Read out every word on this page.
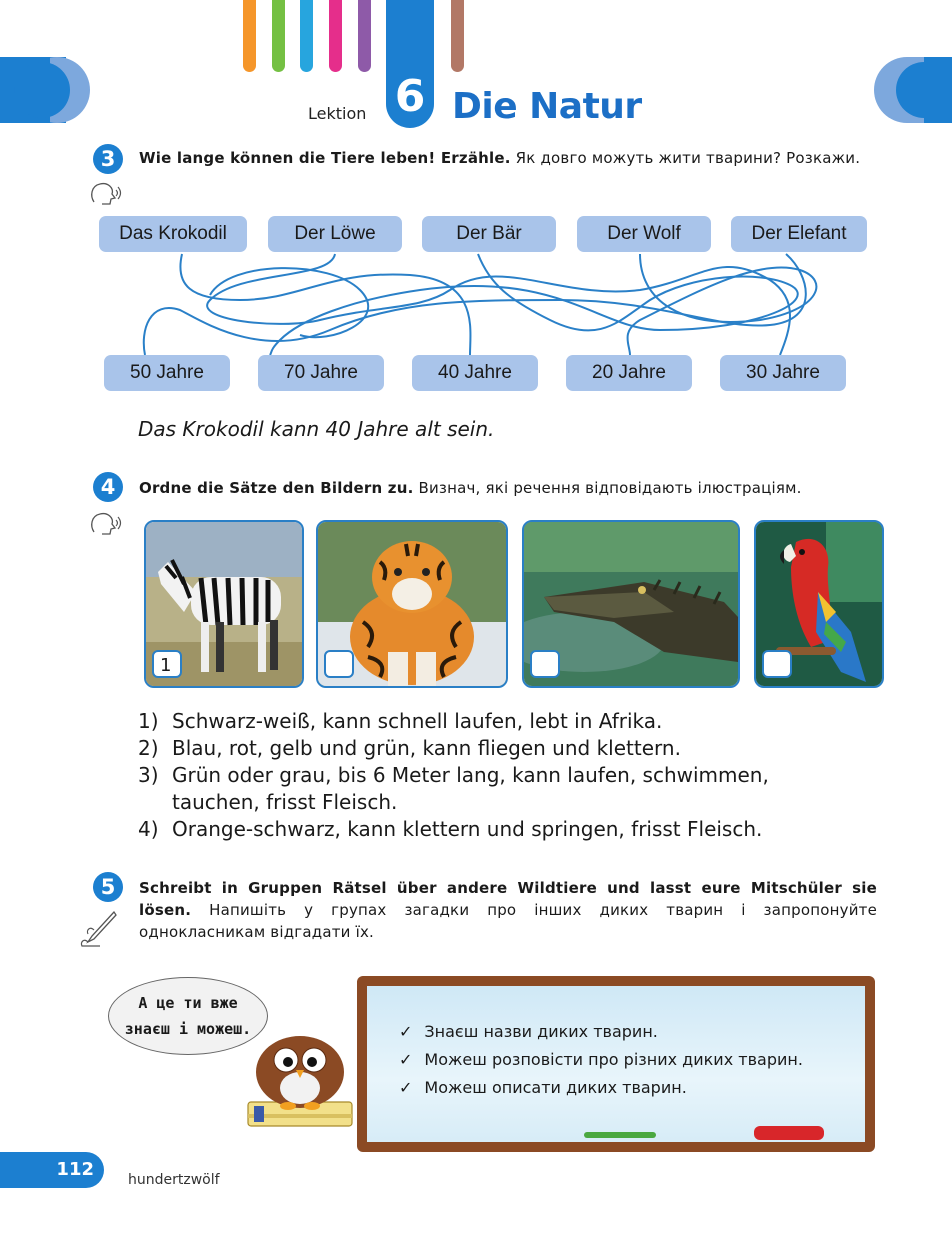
Lektion 6 Die Natur
3	Wie lange können die Tiere leben! Erzähle. Як довго можуть жити тварини? Розкажи.
Das Krokodil	Der Löwe	Der Bär	Der Wolf	Der Elefant
50 Jahre	70 Jahre	40 Jahre	20 Jahre	30 Jahre
Das Krokodil kann 40 Jahre alt sein.
4	Ordne die Sätze den Bildern zu. Визнач, які речення відповідають ілюстраціям.
1
1) Schwarz-weiß, kann schnell laufen, lebt in Afrika.
2) Blau, rot, gelb und grün, kann fliegen und klettern.
3) Grün oder grau, bis 6 Meter lang, kann laufen, schwimmen,
tauchen, frisst Fleisch.
4) Orange-schwarz, kann klettern und springen, frisst Fleisch.
5	Schreibt in Gruppen Rätsel über andere Wildtiere und lasst eure Mitschüler sie lösen. Напишіть у групах загадки про інших диких тварин і запропонуйте однокласникам відгадати їх.
А це ти вже
знаєш і можеш.
✓	Знаєш назви диких тварин.
✓ Можеш розповісти про різних диких тварин.
✓ Можеш описати диких тварин.
112	hundertzwölf
